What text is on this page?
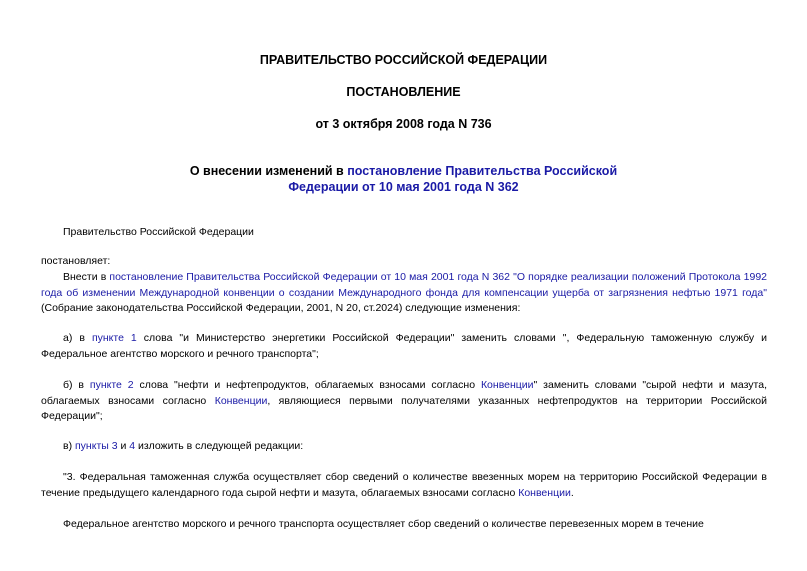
ПРАВИТЕЛЬСТВО РОССИЙСКОЙ ФЕДЕРАЦИИ
ПОСТАНОВЛЕНИЕ
от 3 октября 2008 года N 736
О внесении изменений в постановление Правительства Российской
Федерации от 10 мая 2001 года N 362
Правительство Российской Федерации
постановляет:
Внести в постановление Правительства Российской Федерации от 10 мая 2001 года N 362 "О порядке реализации положений Протокола 1992 года об изменении Международной конвенции о создании Международного фонда для компенсации ущерба от загрязнения нефтью 1971 года" (Собрание законодательства Российской Федерации, 2001, N 20, ст.2024) следующие изменения:
а) в пункте 1 слова "и Министерство энергетики Российской Федерации" заменить словами ", Федеральную таможенную службу и Федеральное агентство морского и речного транспорта";
б) в пункте 2 слова "нефти и нефтепродуктов, облагаемых взносами согласно Конвенции" заменить словами "сырой нефти и мазута, облагаемых взносами согласно Конвенции, являющиеся первыми получателями указанных нефтепродуктов на территории Российской Федерации";
в) пункты 3 и 4 изложить в следующей редакции:
"3. Федеральная таможенная служба осуществляет сбор сведений о количестве ввезенных морем на территорию Российской Федерации в течение предыдущего календарного года сырой нефти и мазута, облагаемых взносами согласно Конвенции.
Федеральное агентство морского и речного транспорта осуществляет сбор сведений о количестве перевезенных морем в течение
